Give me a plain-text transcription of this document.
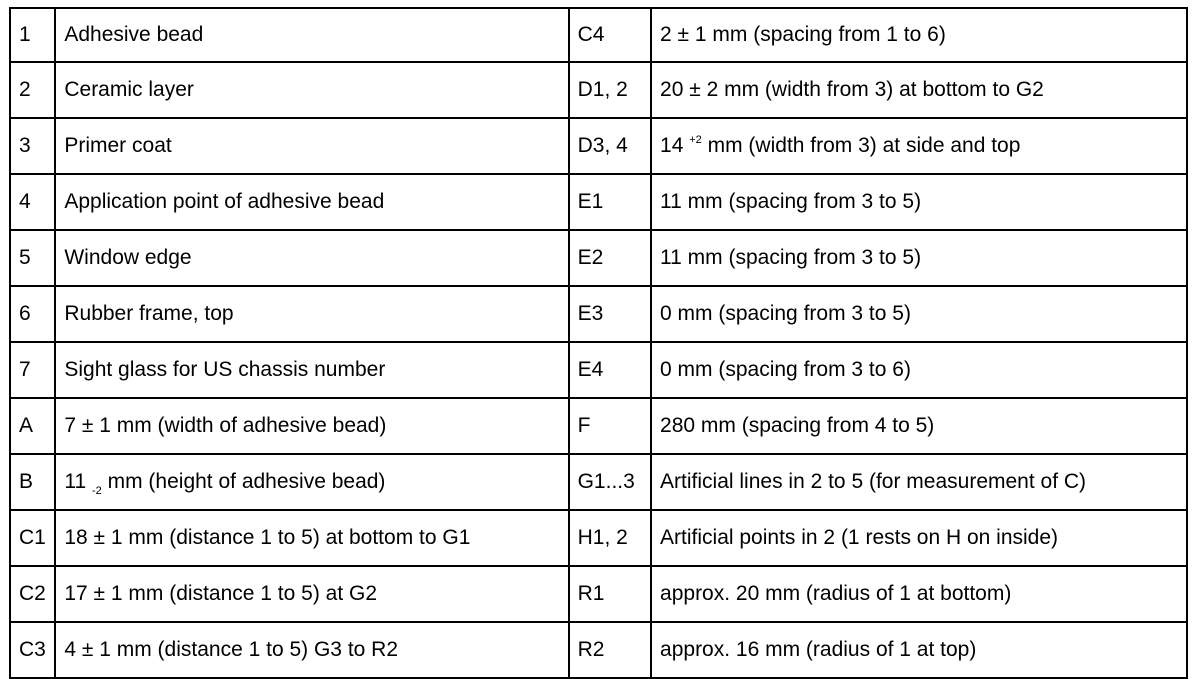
1	Adhesive bead	C4	2 ± 1 mm (spacing from 1 to 6)
2	Ceramic layer	D1, 2	20 ± 2 mm (width from 3) at bottom to G2
3	Primer coat	D3, 4	14 $^{+2}$ mm (width from 3) at side and top
4	Application point of adhesive bead	E1	11 mm (spacing from 3 to 5)
5	Window edge	E2	11 mm (spacing from 3 to 5)
6	Rubber frame, top	E3	0 mm (spacing from 3 to 5)
7	Sight glass for US chassis number	E4	0 mm (spacing from 3 to 6)
A	7 ± 1 mm (width of adhesive bead)	F	280 mm (spacing from 4 to 5)
B	11 $_{-2}$ mm (height of adhesive bead)	G1...3	Artificial lines in 2 to 5 (for measurement of C)
C1	18 ± 1 mm (distance 1 to 5) at bottom to G1	H1, 2	Artificial points in 2 (1 rests on H on inside)
C2	17 ± 1 mm (distance 1 to 5) at G2	R1	approx. 20 mm (radius of 1 at bottom)
C3	4 ± 1 mm (distance 1 to 5) G3 to R2	R2	approx. 16 mm (radius of 1 at top)
